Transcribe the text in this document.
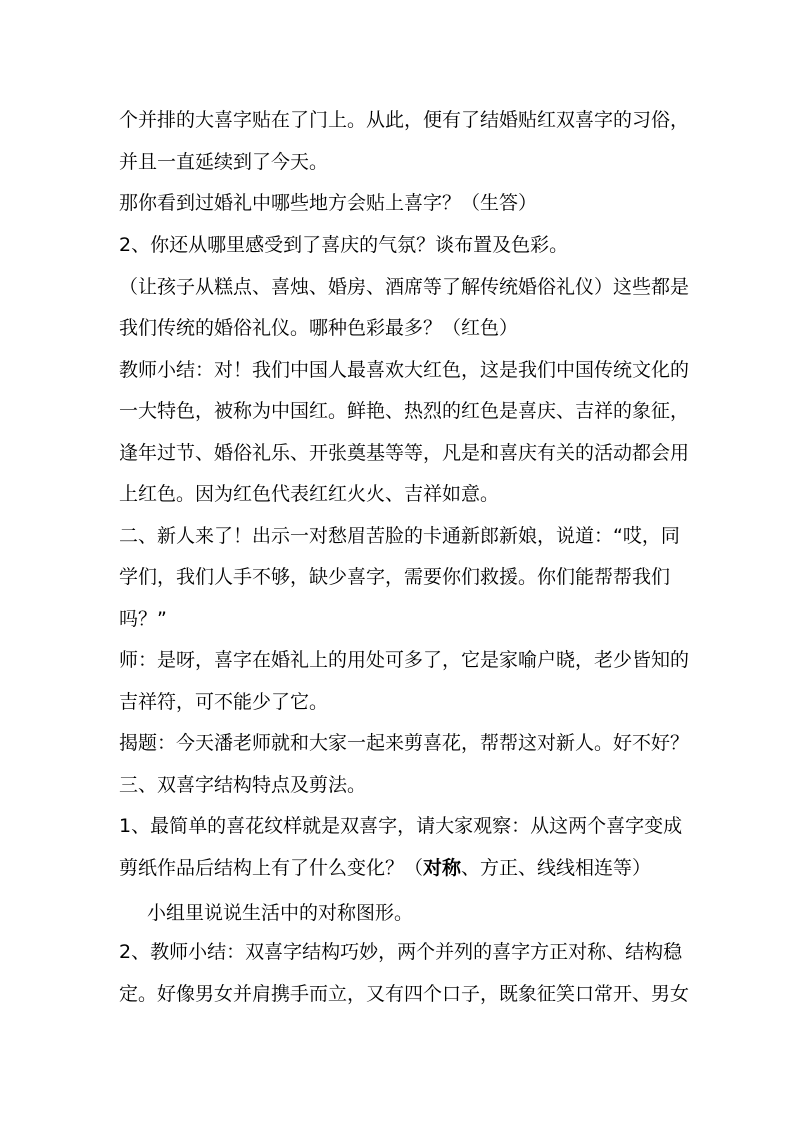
个并排的大喜字贴在了门上。从此，便有了结婚贴红双喜字的习俗，
并且一直延续到了今天。
那你看到过婚礼中哪些地方会贴上喜字？（生答）
2、你还从哪里感受到了喜庆的气氛？谈布置及色彩。
（让孩子从糕点、喜烛、婚房、酒席等了解传统婚俗礼仪）这些都是
我们传统的婚俗礼仪。哪种色彩最多？（红色）
教师小结：对！我们中国人最喜欢大红色，这是我们中国传统文化的
一大特色，被称为中国红。鲜艳、热烈的红色是喜庆、吉祥的象征，
逢年过节、婚俗礼乐、开张奠基等等，凡是和喜庆有关的活动都会用
上红色。因为红色代表红红火火、吉祥如意。
二、新人来了！出示一对愁眉苦脸的卡通新郎新娘，说道：“哎，同
学们，我们人手不够，缺少喜字，需要你们救援。你们能帮帮我们
吗？”
师：是呀，喜字在婚礼上的用处可多了，它是家喻户晓，老少皆知的
吉祥符，可不能少了它。
揭题：今天潘老师就和大家一起来剪喜花，帮帮这对新人。好不好？
三、双喜字结构特点及剪法。
1、最简单的喜花纹样就是双喜字，请大家观察：从这两个喜字变成
剪纸作品后结构上有了什么变化？（对称、方正、线线相连等）
小组里说说生活中的对称图形。
2、教师小结：双喜字结构巧妙，两个并列的喜字方正对称、结构稳
定。好像男女并肩携手而立，又有四个口子，既象征笑口常开、男女
